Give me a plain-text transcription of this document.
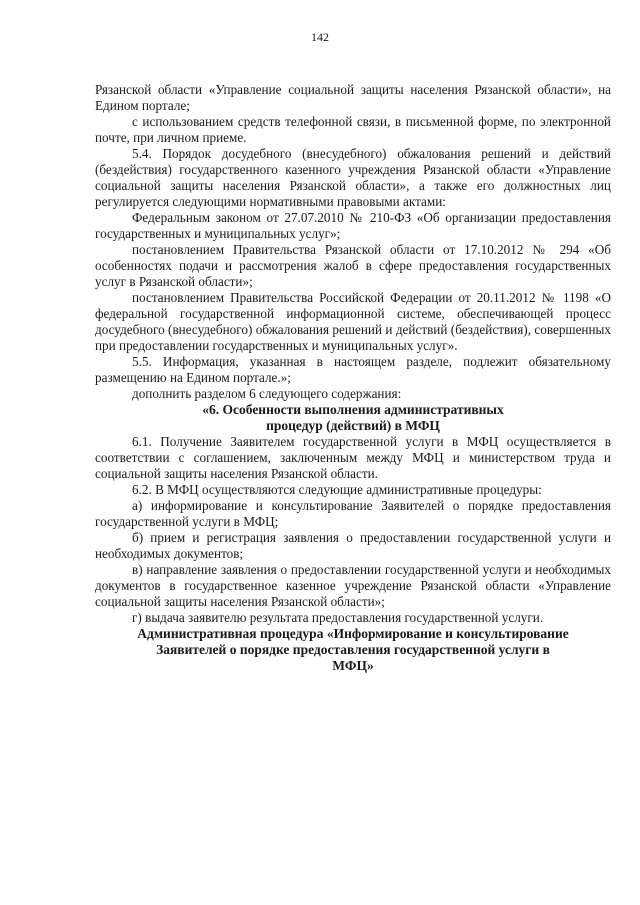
142

Рязанской области «Управление социальной защиты населения Рязанской области», на Едином портале;

с использованием средств телефонной связи, в письменной форме, по электронной почте, при личном приеме.

5.4. Порядок досудебного (внесудебного) обжалования решений и действий (бездействия) государственного казенного учреждения Рязанской области «Управление социальной защиты населения Рязанской области», а также его должностных лиц регулируется следующими нормативными правовыми актами:

Федеральным законом от 27.07.2010 № 210-ФЗ «Об организации предоставления государственных и муниципальных услуг»;

постановлением Правительства Рязанской области от 17.10.2012 № 294 «Об особенностях подачи и рассмотрения жалоб в сфере предоставления государственных услуг в Рязанской области»;

постановлением Правительства Российской Федерации от 20.11.2012 № 1198 «О федеральной государственной информационной системе, обеспечивающей процесс досудебного (внесудебного) обжалования решений и действий (бездействия), совершенных при предоставлении государственных и муниципальных услуг».

5.5. Информация, указанная в настоящем разделе, подлежит обязательному размещению на Едином портале.»;

дополнить разделом 6 следующего содержания:

«6. Особенности выполнения административных процедур (действий) в МФЦ

6.1. Получение Заявителем государственной услуги в МФЦ осуществляется в соответствии с соглашением, заключенным между МФЦ и министерством труда и социальной защиты населения Рязанской области.

6.2. В МФЦ осуществляются следующие административные процедуры:

а) информирование и консультирование Заявителей о порядке предоставления государственной услуги в МФЦ;

б) прием и регистрация заявления о предоставлении государственной услуги и необходимых документов;

в) направление заявления о предоставлении государственной услуги и необходимых документов в государственное казенное учреждение Рязанской области «Управление социальной защиты населения Рязанской области»;

г) выдача заявителю результата предоставления государственной услуги.

Административная процедура «Информирование и консультирование Заявителей о порядке предоставления государственной услуги в МФЦ»
